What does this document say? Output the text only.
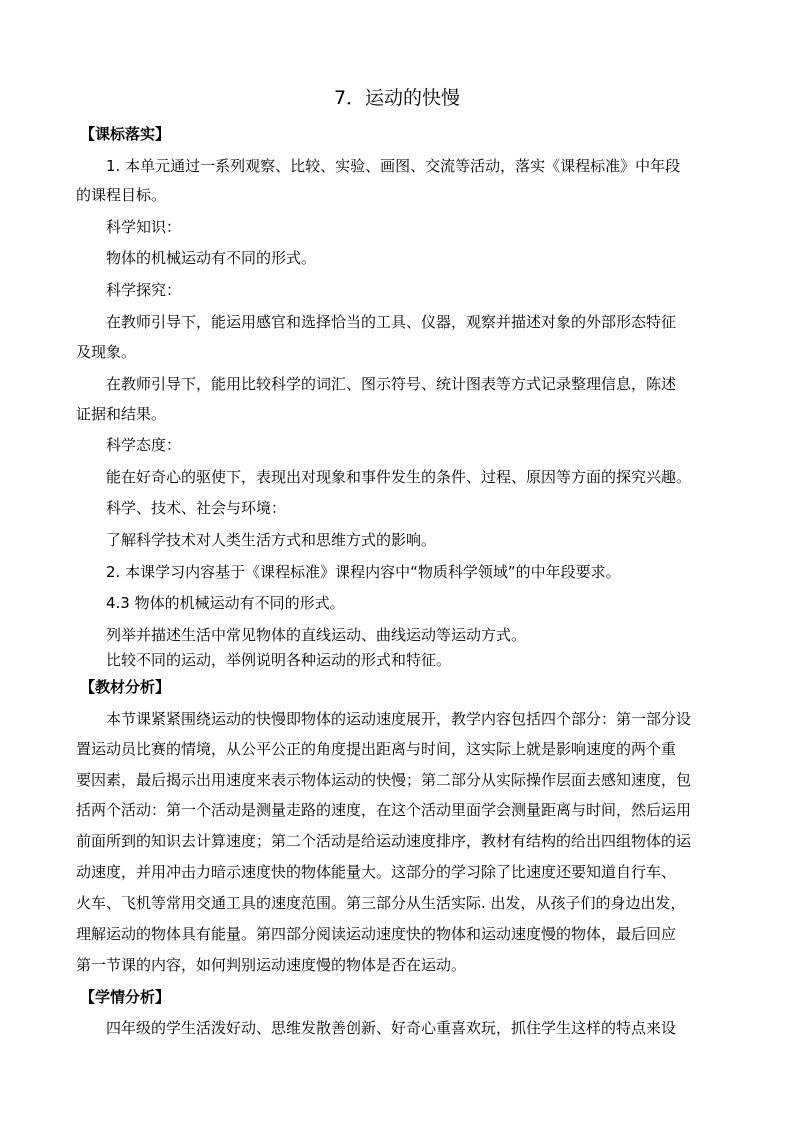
7．运动的快慢
【课标落实】
1. 本单元通过一系列观察、比较、实验、画图、交流等活动，落实《课程标准》中年段
的课程目标。
科学知识：
物体的机械运动有不同的形式。
科学探究：
在教师引导下，能运用感官和选择恰当的工具、仪器，观察并描述对象的外部形态特征
及现象。
在教师引导下，能用比较科学的词汇、图示符号、统计图表等方式记录整理信息，陈述
证据和结果。
科学态度：
能在好奇心的驱使下，表现出对现象和事件发生的条件、过程、原因等方面的探究兴趣。
科学、技术、社会与环境：
了解科学技术对人类生活方式和思维方式的影响。
2. 本课学习内容基于《课程标准》课程内容中“物质科学领域”的中年段要求。
4.3 物体的机械运动有不同的形式。
列举并描述生活中常见物体的直线运动、曲线运动等运动方式。
比较不同的运动，举例说明各种运动的形式和特征。
【教材分析】
本节课紧紧围绕运动的快慢即物体的运动速度展开，教学内容包括四个部分：第一部分设
置运动员比赛的情境，从公平公正的角度提出距离与时间，这实际上就是影响速度的两个重
要因素，最后揭示出用速度来表示物体运动的快慢；第二部分从实际操作层面去感知速度，包
括两个活动：第一个活动是测量走路的速度，在这个活动里面学会测量距离与时间，然后运用
前面所到的知识去计算速度；第二个活动是给运动速度排序，教材有结构的给出四组物体的运
动速度，并用冲击力暗示速度快的物体能量大。这部分的学习除了比速度还要知道自行车、
火车、飞机等常用交通工具的速度范围。第三部分从生活实际. 出发，从孩子们的身边出发，
理解运动的物体具有能量。第四部分阅读运动速度快的物体和运动速度慢的物体，最后回应
第一节课的内容，如何判别运动速度慢的物体是否在运动。
【学情分析】
四年级的学生活泼好动、思维发散善创新、好奇心重喜欢玩，抓住学生这样的特点来设
